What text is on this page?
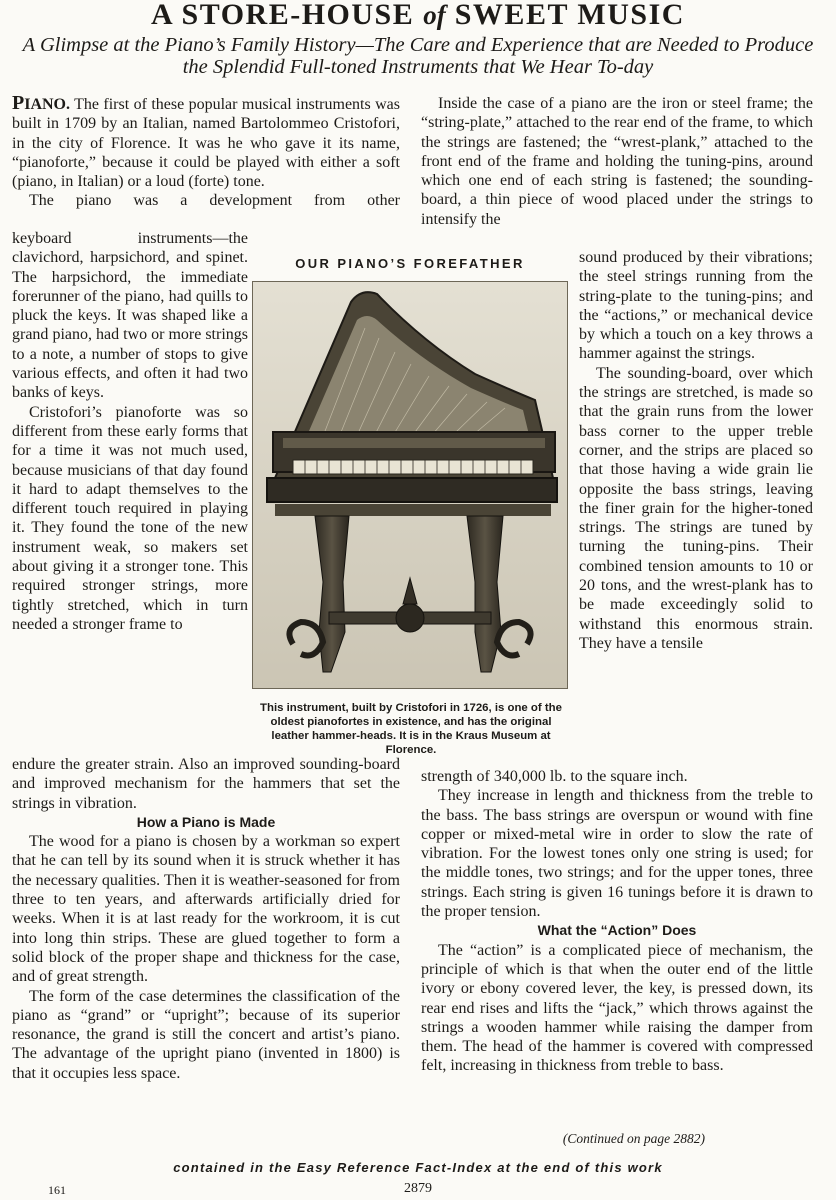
A STORE-HOUSE of SWEET MUSIC

A Glimpse at the Piano’s Family History—The Care and Experience that are Needed to Produce the Splendid Full-toned Instruments that We Hear To-day

PIANO. The first of these popular musical instruments was built in 1709 by an Italian, named Bartolommeo Cristofori, in the city of Florence. It was he who gave it its name, “pianoforte,” because it could be played with either a soft (piano, in Italian) or a loud (forte) tone.

The piano was a development from other

keyboard instruments—the clavichord, harpsichord, and spinet. The harpsichord, the immediate forerunner of the piano, had quills to pluck the keys. It was shaped like a grand piano, had two or more strings to a note, a number of stops to give various effects, and often it had two banks of keys.

Cristofori’s pianoforte was so different from these early forms that for a time it was not much used, because musicians of that day found it hard to adapt themselves to the different touch required in playing it. They found the tone of the new instrument weak, so makers set about giving it a stronger tone. This required stronger strings, more tightly stretched, which in turn needed a stronger frame to

endure the greater strain. Also an improved sounding-board and improved mechanism for the hammers that set the strings in vibration.

How a Piano is Made

The wood for a piano is chosen by a workman so expert that he can tell by its sound when it is struck whether it has the necessary qualities. Then it is weather-seasoned for from three to ten years, and afterwards artificially dried for weeks. When it is at last ready for the workroom, it is cut into long thin strips. These are glued together to form a solid block of the proper shape and thickness for the case, and of great strength.

The form of the case determines the classification of the piano as “grand” or “upright”; because of its superior resonance, the grand is still the concert and artist’s piano. The advantage of the upright piano (invented in 1800) is that it occupies less space.

Inside the case of a piano are the iron or steel frame; the “string-plate,” attached to the rear end of the frame, to which the strings are fastened; the “wrest-plank,” attached to the front end of the frame and holding the tuning-pins, around which one end of each string is fastened; the sounding-board, a thin piece of wood placed under the strings to intensify the

sound produced by their vibrations; the steel strings running from the string-plate to the tuning-pins; and the “actions,” or mechanical device by which a touch on a key throws a hammer against the strings.

The sounding-board, over which the strings are stretched, is made so that the grain runs from the lower bass corner to the upper treble corner, and the strips are placed so that those having a wide grain lie opposite the bass strings, leaving the finer grain for the higher-toned strings. The strings are tuned by turning the tuning-pins. Their combined tension amounts to 10 or 20 tons, and the wrest-plank has to be made exceedingly solid to withstand this enormous strain. They have a tensile

strength of 340,000 lb. to the square inch.

They increase in length and thickness from the treble to the bass. The bass strings are overspun or wound with fine copper or mixed-metal wire in order to slow the rate of vibration. For the lowest tones only one string is used; for the middle tones, two strings; and for the upper tones, three strings. Each string is given 16 tunings before it is drawn to the proper tension.

What the “Action” Does

The “action” is a complicated piece of mechanism, the principle of which is that when the outer end of the little ivory or ebony covered lever, the key, is pressed down, its rear end rises and lifts the “jack,” which throws against the strings a wooden hammer while raising the damper from them. The head of the hammer is covered with compressed felt, increasing in thickness from treble to bass.

OUR PIANO’S FOREFATHER

This instrument, built by Cristofori in 1726, is one of the oldest pianofortes in existence, and has the original leather hammer-heads. It is in the Kraus Museum at Florence.

(Continued on page 2882)

contained in the Easy Reference Fact-Index at the end of this work

161	2879
